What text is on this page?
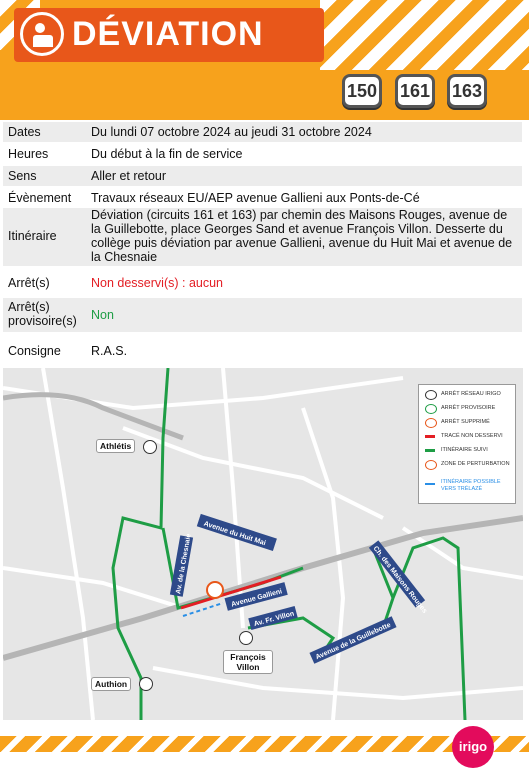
DÉVIATION
150 161 163
Dates	Du lundi 07 octobre 2024 au jeudi 31 octobre 2024
Heures	Du début à la fin de service
Sens	Aller et retour
Évènement Travaux réseaux EU/AEP avenue Gallieni aux Ponts-de-Cé
Itinéraire
Déviation (circuits 161 et 163) par chemin des Maisons Rouges, avenue de la Guillebotte, place Georges Sand et avenue François Villon. Desserte du collège puis déviation par avenue Gallieni, avenue du Huit Mai et avenue de la Chesnaie
Arrêt(s)	Non desservi(s) : aucun
Arrêt(s) provisoire(s)	Non
Consigne R.A.S.
Avenue du Huit Mai
Av. de la Chesnaie
Avenue Gallieni
Av. Fr. Villon
Ch. des Maisons Rouges
Avenue de la Guillebotte
Athlétis
François Villon
Authion
ARRÊT RÉSEAU IRIGO
ARRÊT PROVISOIRE
ARRÊT SUPPRIMÉ
TRACÉ NON DESSERVI
ITINÉRAIRE SUIVI
ZONE DE PERTURBATION
ITINÉRAIRE POSSIBLE VERS TRÉLAZÉ
irigo
